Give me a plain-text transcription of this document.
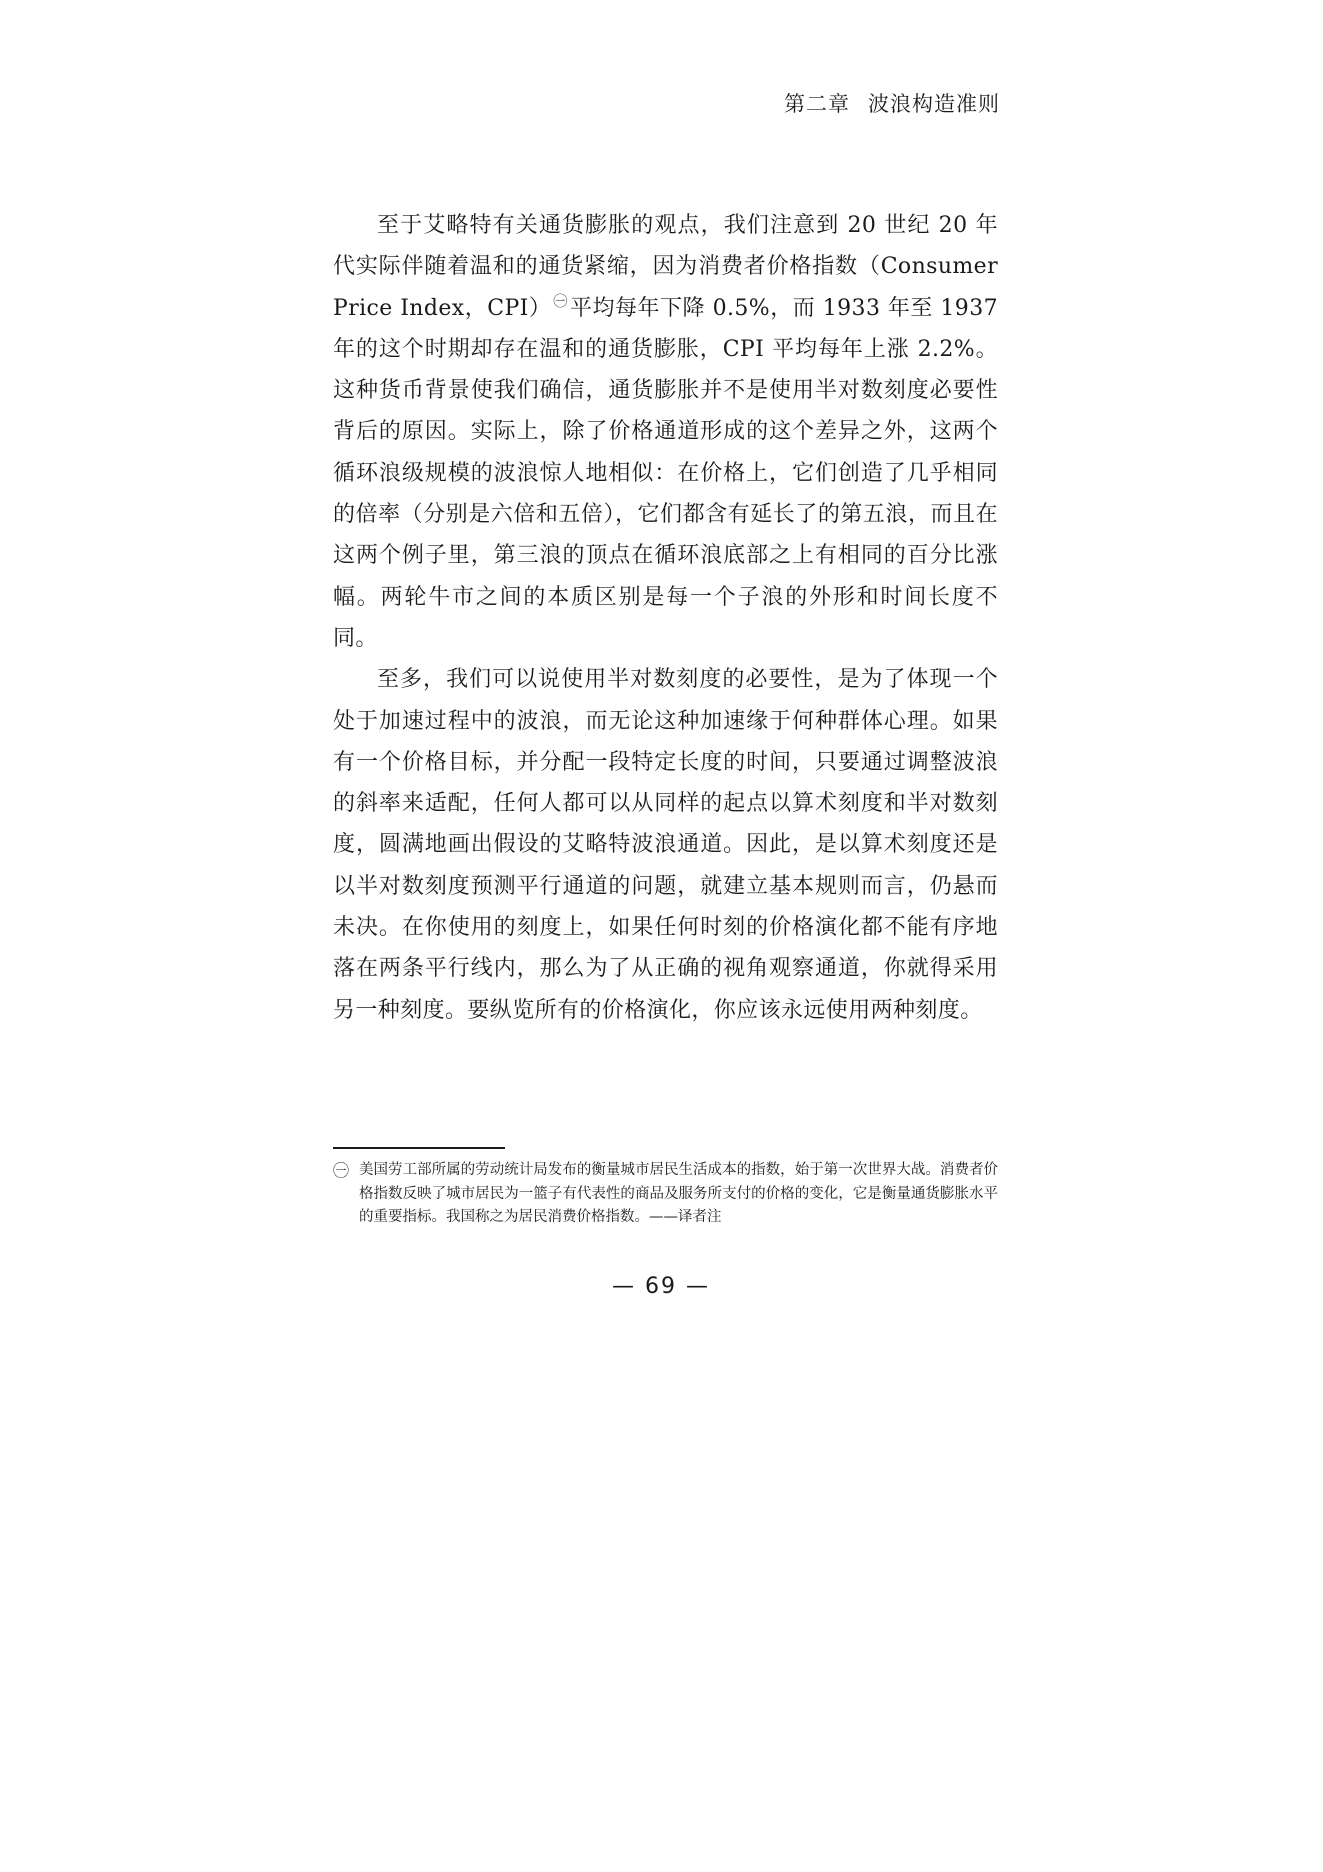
第二章 波浪构造准则

至于艾略特有关通货膨胀的观点，我们注意到 20 世纪 20 年代实际伴随着温和的通货紧缩，因为消费者价格指数（Consumer Price Index，CPI） $^㊀$平均每年下降 0.5%，而 1933 年至 1937 年的这个时期却存在温和的通货膨胀，CPI 平均每年上涨 2.2%。这种货币背景使我们确信，通货膨胀并不是使用半对数刻度必要性背后的原因。实际上，除了价格通道形成的这个差异之外，这两个循环浪级规模的波浪惊人地相似：在价格上，它们创造了几乎相同的倍率（分别是六倍和五倍），它们都含有延长了的第五浪，而且在这两个例子里，第三浪的顶点在循环浪底部之上有相同的百分比涨幅。两轮牛市之间的本质区别是每一个子浪的外形和时间长度不同。

至多，我们可以说使用半对数刻度的必要性，是为了体现一个处于加速过程中的波浪，而无论这种加速缘于何种群体心理。如果有一个价格目标，并分配一段特定长度的时间，只要通过调整波浪的斜率来适配，任何人都可以从同样的起点以算术刻度和半对数刻度，圆满地画出假设的艾略特波浪通道。因此，是以算术刻度还是以半对数刻度预测平行通道的问题，就建立基本规则而言，仍悬而未决。在你使用的刻度上，如果任何时刻的价格演化都不能有序地落在两条平行线内，那么为了从正确的视角观察通道，你就得采用另一种刻度。要纵览所有的价格演化，你应该永远使用两种刻度。

㊀ 美国劳工部所属的劳动统计局发布的衡量城市居民生活成本的指数，始于第一次世界大战。消费者价格指数反映了城市居民为一篮子有代表性的商品及服务所支付的价格的变化，它是衡量通货膨胀水平的重要指标。我国称之为居民消费价格指数。——译者注
— 69 —
